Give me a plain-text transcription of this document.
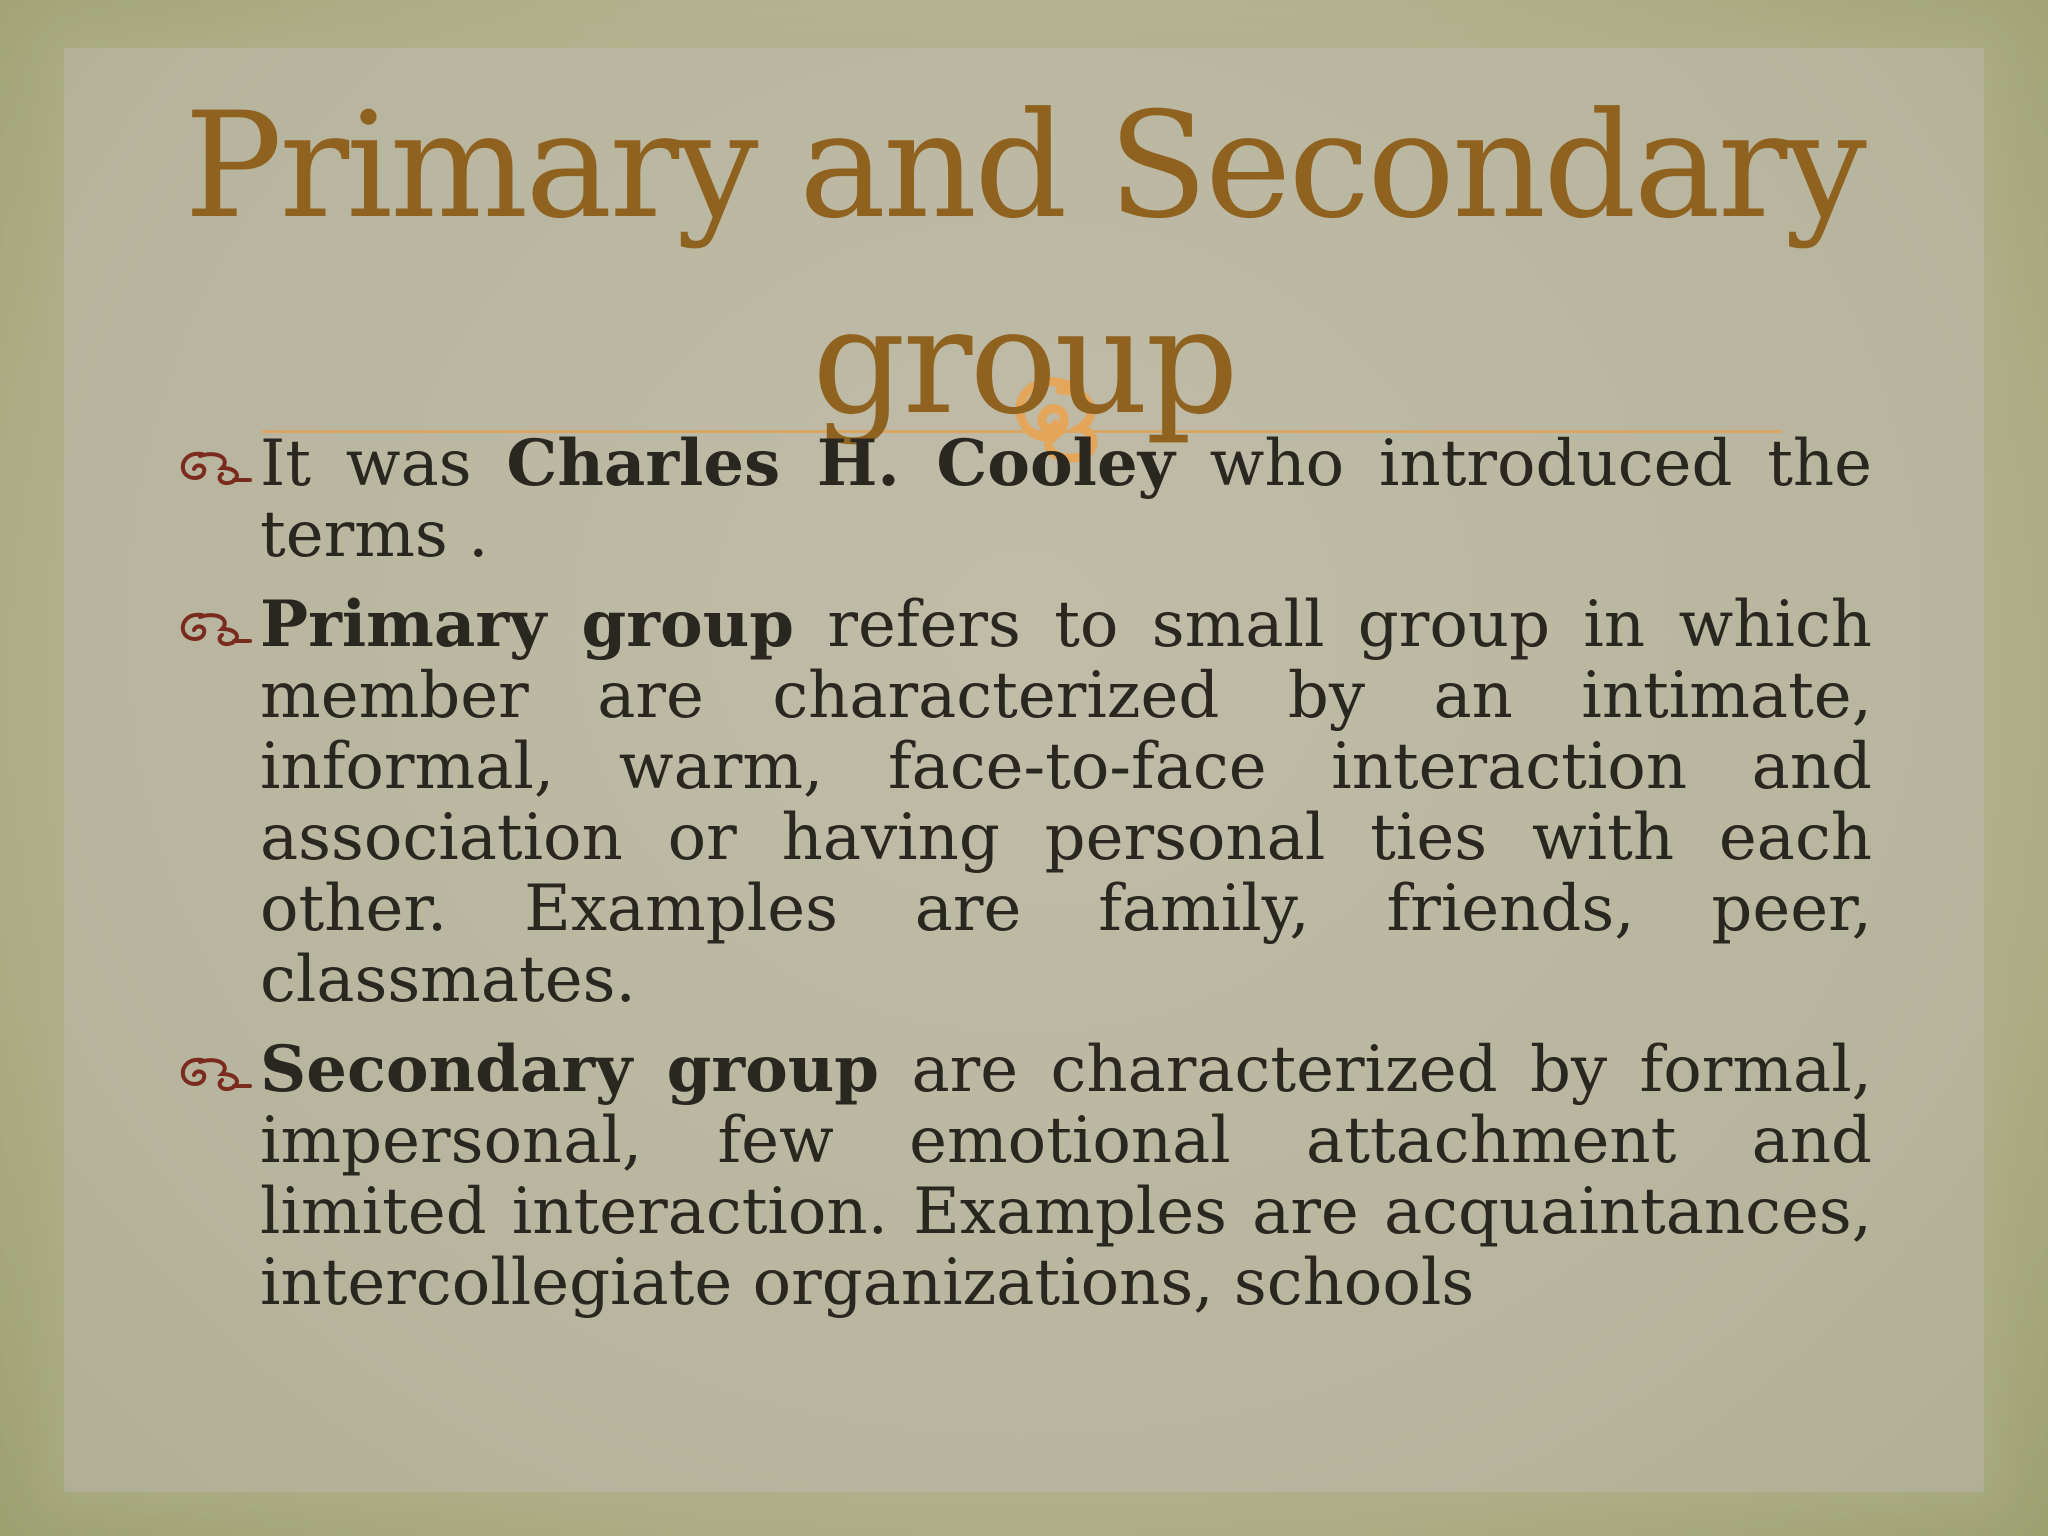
Primary and Secondary group
It was Charles H. Cooley who introduced the terms .
Primary group refers to small group in which member are characterized by an intimate, informal, warm, face-to-face interaction and association or having personal ties with each other. Examples are family, friends, peer, classmates.
Secondary group are characterized by formal, impersonal, few emotional attachment and limited interaction. Examples are acquaintances, intercollegiate organizations, schools
